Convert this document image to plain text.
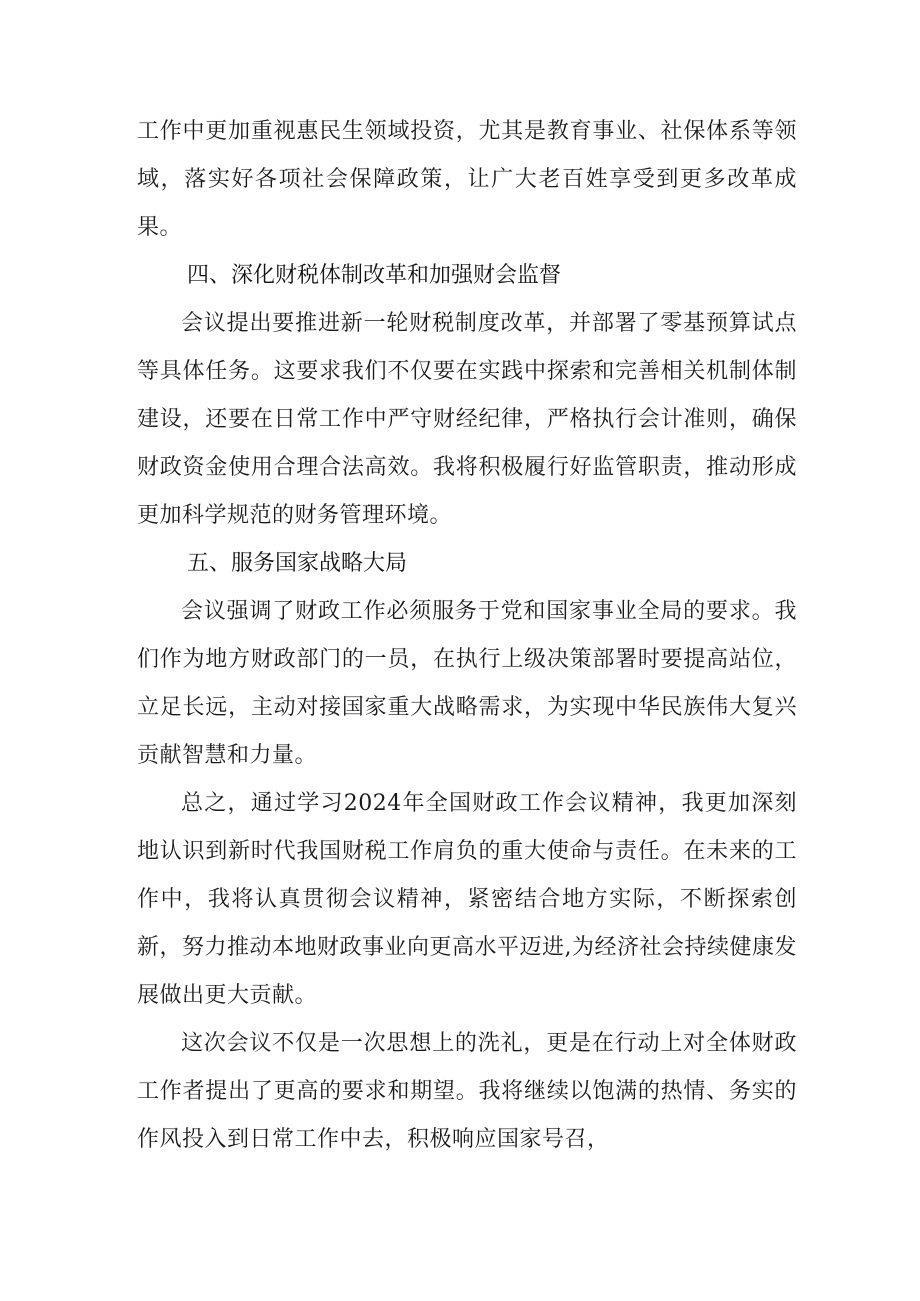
工作中更加重视惠民生领域投资，尤其是教育事业、社保体系等领域，落实好各项社会保障政策，让广大老百姓享受到更多改革成果。

四、深化财税体制改革和加强财会监督

会议提出要推进新一轮财税制度改革，并部署了零基预算试点等具体任务。这要求我们不仅要在实践中探索和完善相关机制体制建设，还要在日常工作中严守财经纪律，严格执行会计准则，确保财政资金使用合理合法高效。我将积极履行好监管职责，推动形成更加科学规范的财务管理环境。

五、服务国家战略大局

会议强调了财政工作必须服务于党和国家事业全局的要求。我们作为地方财政部门的一员，在执行上级决策部署时要提高站位，立足长远，主动对接国家重大战略需求，为实现中华民族伟大复兴贡献智慧和力量。

总之，通过学习2024年全国财政工作会议精神，我更加深刻地认识到新时代我国财税工作肩负的重大使命与责任。在未来的工作中，我将认真贯彻会议精神，紧密结合地方实际，不断探索创新，努力推动本地财政事业向更高水平迈进,为经济社会持续健康发展做出更大贡献。

这次会议不仅是一次思想上的洗礼，更是在行动上对全体财政工作者提出了更高的要求和期望。我将继续以饱满的热情、务实的作风投入到日常工作中去，积极响应国家号召，
